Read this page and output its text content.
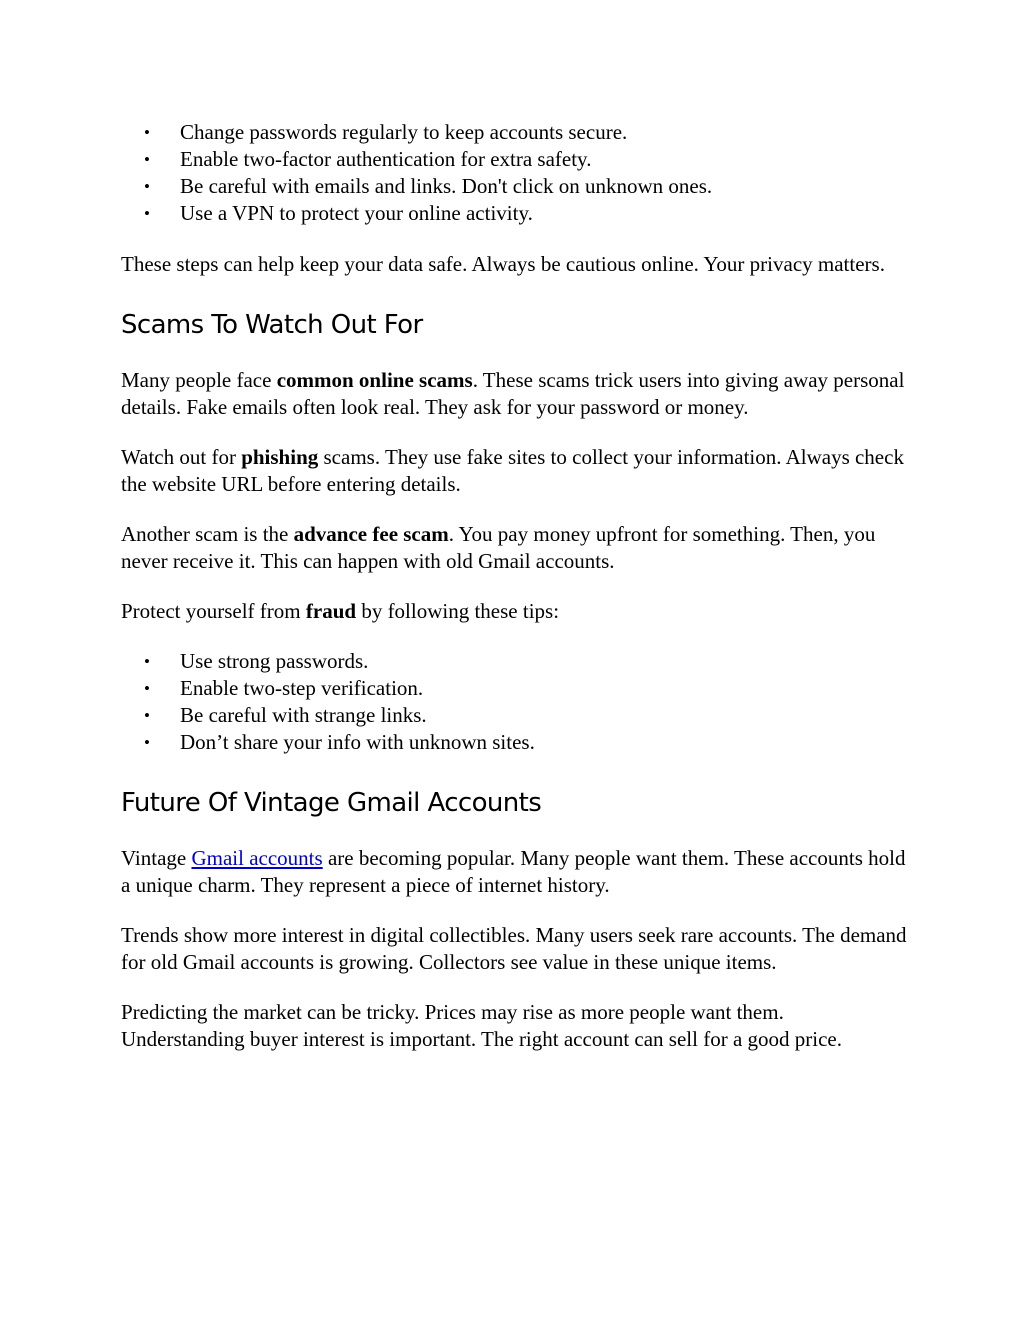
• Change passwords regularly to keep accounts secure.
• Enable two-factor authentication for extra safety.
• Be careful with emails and links. Don't click on unknown ones.
• Use a VPN to protect your online activity.

These steps can help keep your data safe. Always be cautious online. Your privacy matters.

Scams To Watch Out For

Many people face common online scams. These scams trick users into giving away personal details. Fake emails often look real. They ask for your password or money.

Watch out for phishing scams. They use fake sites to collect your information. Always check the website URL before entering details.

Another scam is the advance fee scam. You pay money upfront for something. Then, you never receive it. This can happen with old Gmail accounts.

Protect yourself from fraud by following these tips:

• Use strong passwords.
• Enable two-step verification.
• Be careful with strange links.
• Don’t share your info with unknown sites.
Future Of Vintage Gmail Accounts

Vintage Gmail accounts are becoming popular. Many people want them. These accounts hold a unique charm. They represent a piece of internet history.

Trends show more interest in digital collectibles. Many users seek rare accounts. The demand for old Gmail accounts is growing. Collectors see value in these unique items.

Predicting the market can be tricky. Prices may rise as more people want them. Understanding buyer interest is important. The right account can sell for a good price.
